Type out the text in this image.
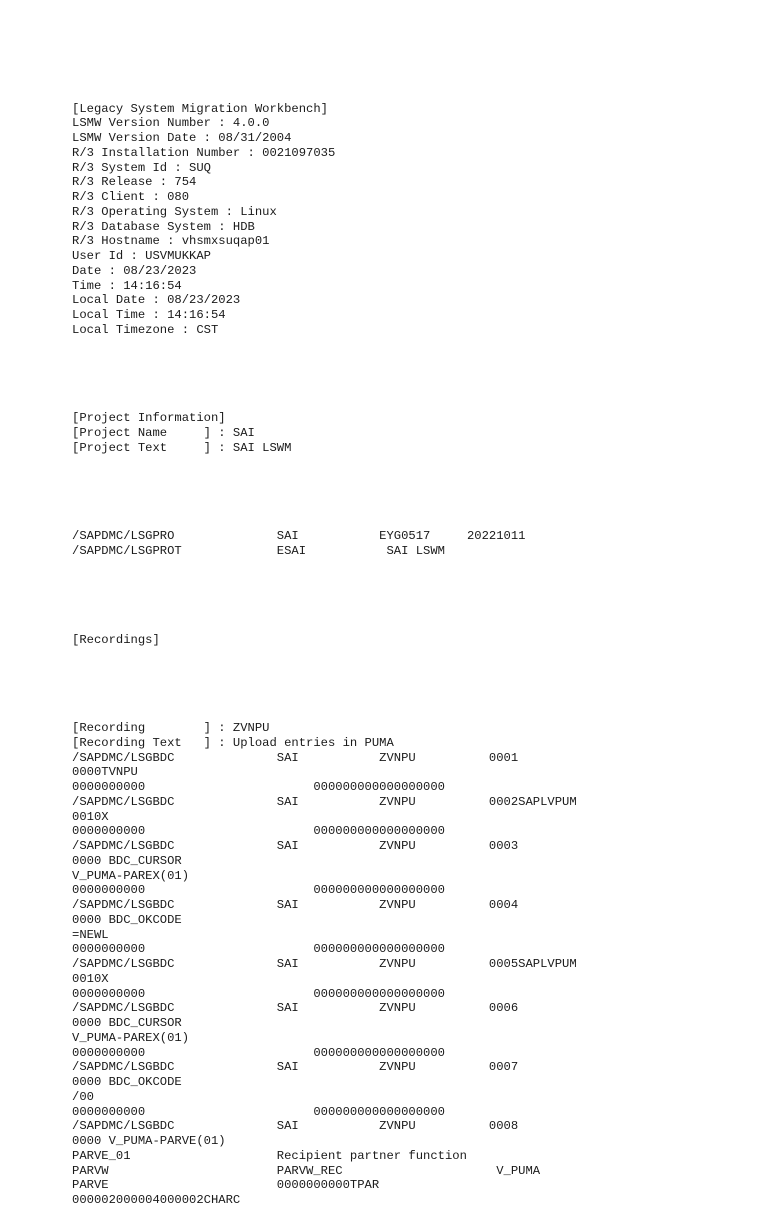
[Legacy System Migration Workbench]
LSMW Version Number : 4.0.0
LSMW Version Date : 08/31/2004
R/3 Installation Number : 0021097035
R/3 System Id : SUQ
R/3 Release : 754
R/3 Client : 080
R/3 Operating System : Linux
R/3 Database System : HDB
R/3 Hostname : vhsmxsuqap01
User Id : USVMUKKAP
Date : 08/23/2023
Time : 14:16:54
Local Date : 08/23/2023
Local Time : 14:16:54
Local Timezone : CST

[Project Information]
[Project Name     ] : SAI
[Project Text     ] : SAI LSWM

/SAPDMC/LSGPRO              SAI           EYG0517     20221011
/SAPDMC/LSGPROT             ESAI           SAI LSWM

[Recordings]

[Recording        ] : ZVNPU
[Recording Text   ] : Upload entries in PUMA
/SAPDMC/LSGBDC              SAI           ZVNPU          0001
0000TVNPU
0000000000                       000000000000000000
/SAPDMC/LSGBDC              SAI           ZVNPU          0002SAPLVPUM
0010X
0000000000                       000000000000000000
/SAPDMC/LSGBDC              SAI           ZVNPU          0003
0000 BDC_CURSOR
V_PUMA-PAREX(01)
0000000000                       000000000000000000
/SAPDMC/LSGBDC              SAI           ZVNPU          0004
0000 BDC_OKCODE
=NEWL
0000000000                       000000000000000000
/SAPDMC/LSGBDC              SAI           ZVNPU          0005SAPLVPUM
0010X
0000000000                       000000000000000000
/SAPDMC/LSGBDC              SAI           ZVNPU          0006
0000 BDC_CURSOR
V_PUMA-PAREX(01)
0000000000                       000000000000000000
/SAPDMC/LSGBDC              SAI           ZVNPU          0007
0000 BDC_OKCODE
/00
0000000000                       000000000000000000
/SAPDMC/LSGBDC              SAI           ZVNPU          0008
0000 V_PUMA-PARVE(01)
PARVE_01                    Recipient partner function
PARVW                       PARVW_REC                     V_PUMA
PARVE                       0000000000TPAR
000002000004000002CHARC
